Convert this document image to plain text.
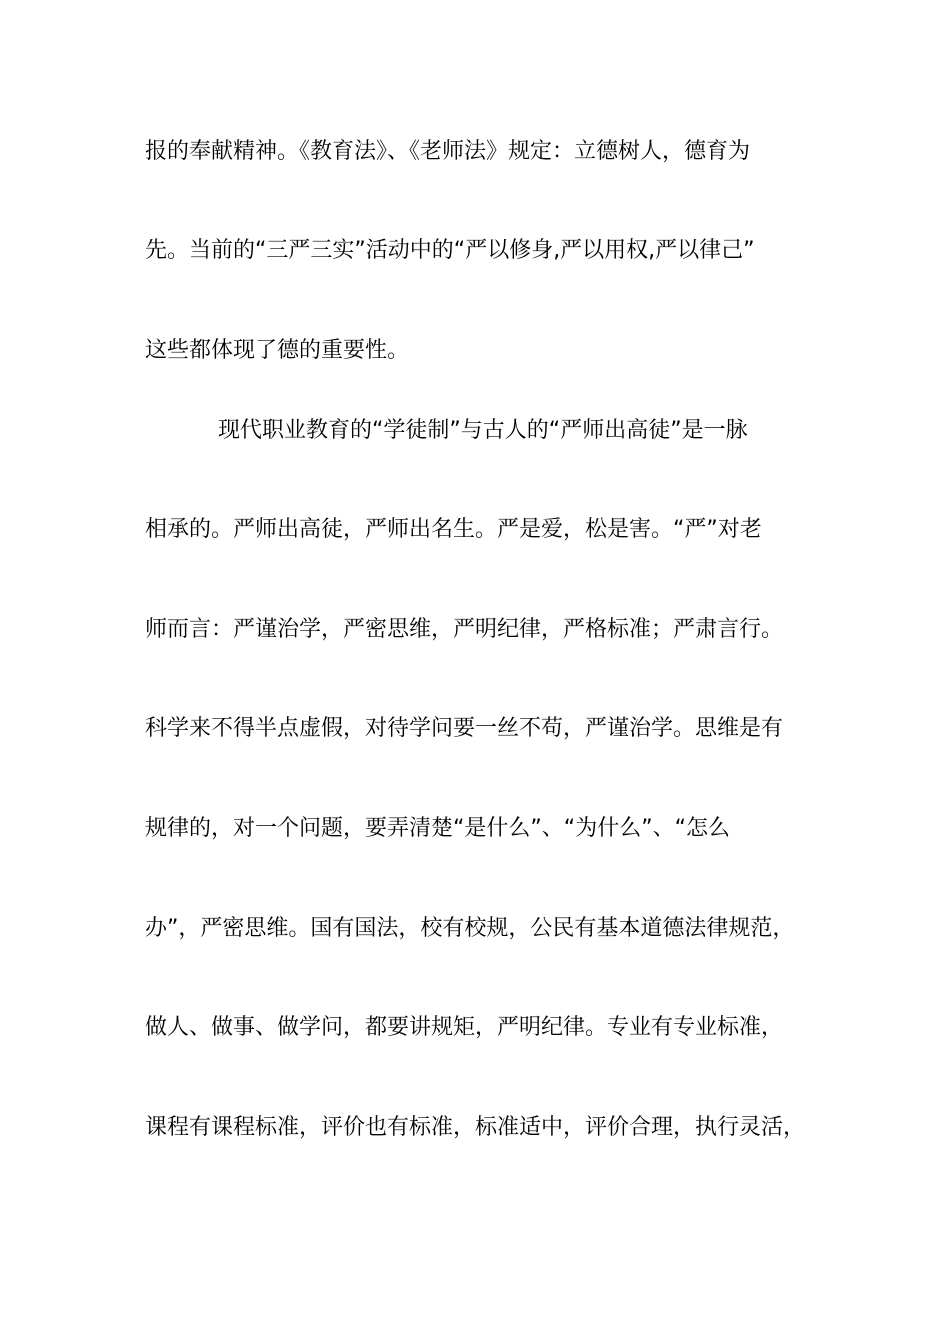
报的奉献精神。《教育法》、《老师法》规定：立德树人，德育为
先。当前的“三严三实”活动中的“严以修身,严以用权,严以律己”
这些都体现了德的重要性。
现代职业教育的“学徒制”与古人的“严师出高徒”是一脉
相承的。严师出高徒，严师出名生。严是爱，松是害。“严”对老
师而言：严谨治学，严密思维，严明纪律，严格标准；严肃言行。
科学来不得半点虚假，对待学问要一丝不苟，严谨治学。思维是有
规律的，对一个问题，要弄清楚“是什么”、“为什么”、“怎么
办”，严密思维。国有国法，校有校规，公民有基本道德法律规范，
做人、做事、做学问，都要讲规矩，严明纪律。专业有专业标准，
课程有课程标准，评价也有标准，标准适中，评价合理，执行灵活，
